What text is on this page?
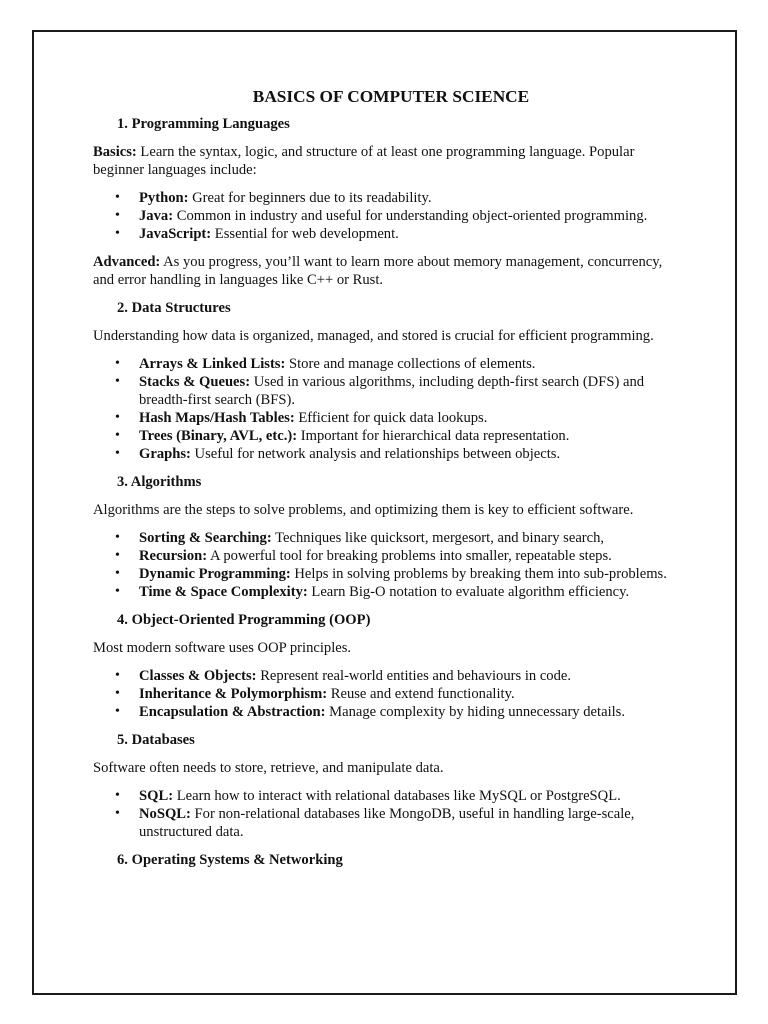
BASICS OF COMPUTER SCIENCE

1. Programming Languages

Basics: Learn the syntax, logic, and structure of at least one programming language. Popular beginner languages include:

• Python: Great for beginners due to its readability.
• Java: Common in industry and useful for understanding object-oriented programming.
• JavaScript: Essential for web development.

Advanced: As you progress, you’ll want to learn more about memory management, concurrency, and error handling in languages like C++ or Rust.

2. Data Structures

Understanding how data is organized, managed, and stored is crucial for efficient programming.

• Arrays & Linked Lists: Store and manage collections of elements.
• Stacks & Queues: Used in various algorithms, including depth-first search (DFS) and breadth-first search (BFS).
• Hash Maps/Hash Tables: Efficient for quick data lookups.
• Trees (Binary, AVL, etc.): Important for hierarchical data representation.
• Graphs: Useful for network analysis and relationships between objects.

3. Algorithms

Algorithms are the steps to solve problems, and optimizing them is key to efficient software.

• Sorting & Searching: Techniques like quicksort, mergesort, and binary search,
• Recursion: A powerful tool for breaking problems into smaller, repeatable steps.
• Dynamic Programming: Helps in solving problems by breaking them into sub-problems.
• Time & Space Complexity: Learn Big-O notation to evaluate algorithm efficiency.

4. Object-Oriented Programming (OOP)

Most modern software uses OOP principles.

• Classes & Objects: Represent real-world entities and behaviours in code.
• Inheritance & Polymorphism: Reuse and extend functionality.
• Encapsulation & Abstraction: Manage complexity by hiding unnecessary details.

5. Databases

Software often needs to store, retrieve, and manipulate data.

• SQL: Learn how to interact with relational databases like MySQL or PostgreSQL.
• NoSQL: For non-relational databases like MongoDB, useful in handling large-scale, unstructured data.

6. Operating Systems & Networking
